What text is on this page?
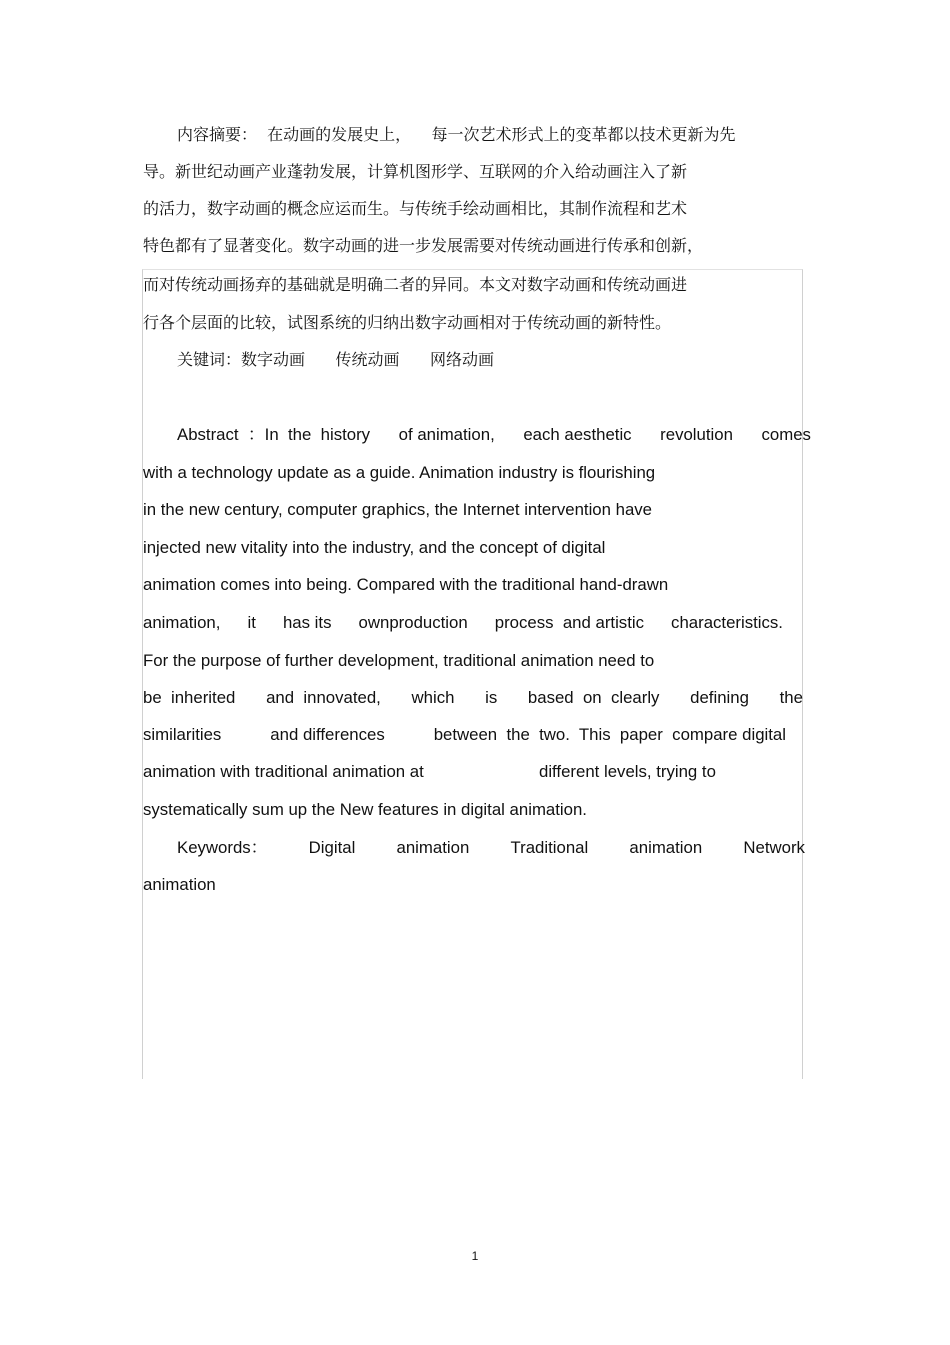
内容摘要：  在动画的发展史上，    每一次艺术形式上的变革都以技术更新为先
导。新世纪动画产业蓬勃发展，计算机图形学、互联网的介入给动画注入了新
的活力，数字动画的概念应运而生。与传统手绘动画相比，其制作流程和艺术
特色都有了显著变化。数字动画的进一步发展需要对传统动画进行传承和创新，
而对传统动画扬弃的基础就是明确二者的异同。本文对数字动画和传统动画进
行各个层面的比较，试图系统的归纳出数字动画相对于传统动画的新特性。
关键词：数字动画      传统动画      网络动画
Abstract  ：In  the  history of animation, each aesthetic revolution comes
with a technology update as a guide. Animation industry is flourishing
in the new century, computer graphics, the Internet intervention have
injected new vitality into the industry, and the concept of digital
animation comes into being. Compared with the traditional hand-drawn
animation, it has its ownproduction process  and artistic characteristics.
For the purpose of further development, traditional animation need to
be  inherited and  innovated, which is based  on  clearly defining the
similarities	and differences	between  the  two.  This  paper  compare digital
animation with traditional animation at	different levels, trying to
systematically sum up the New features in digital animation.
Keywords： Digital animation Traditional animation Network
animation
1
